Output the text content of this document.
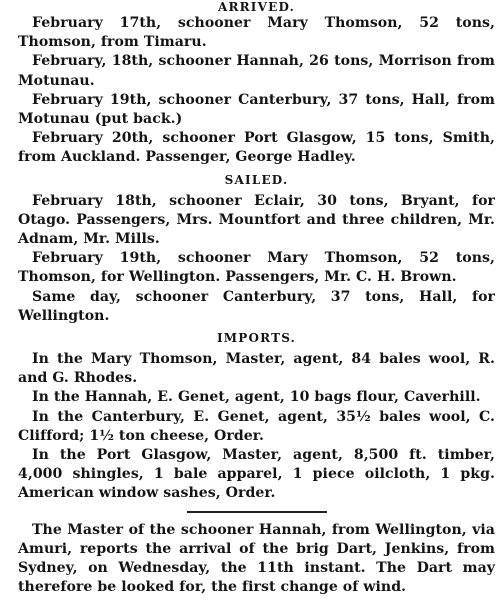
ARRIVED.

February 17th, schooner Mary Thomson, 52 tons, Thomson, from Timaru.

February, 18th, schooner Hannah, 26 tons, Morrison from Motunau.

February 19th, schooner Canterbury, 37 tons, Hall, from Motunau (put back.)

February 20th, schooner Port Glasgow, 15 tons, Smith, from Auckland. Passenger, George Hadley.

SAILED.

February 18th, schooner Eclair, 30 tons, Bryant, for Otago. Passengers, Mrs. Mountfort and three children, Mr. Adnam, Mr. Mills.

February 19th, schooner Mary Thomson, 52 tons, Thomson, for Wellington. Passengers, Mr. C. H. Brown.

Same day, schooner Canterbury, 37 tons, Hall, for Wellington.

IMPORTS.

In the Mary Thomson, Master, agent, 84 bales wool, R. and G. Rhodes.

In the Hannah, E. Genet, agent, 10 bags flour, Caverhill.

In the Canterbury, E. Genet, agent, 35½ bales wool, C. Clifford; 1½ ton cheese, Order.

In the Port Glasgow, Master, agent, 8,500 ft. timber, 4,000 shingles, 1 bale apparel, 1 piece oilcloth, 1 pkg. American window sashes, Order.

The Master of the schooner Hannah, from Wellington, via Amuri, reports the arrival of the brig Dart, Jenkins, from Sydney, on Wednesday, the 11th instant. The Dart may therefore be looked for, the first change of wind.
